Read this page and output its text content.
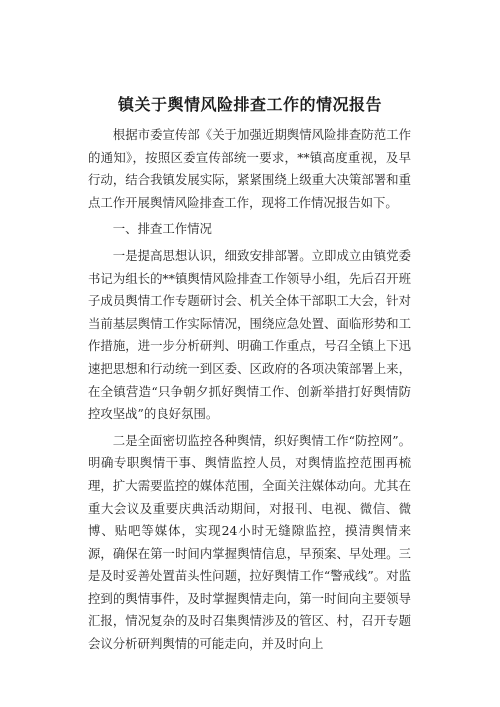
镇关于舆情风险排查工作的情况报告

根据市委宣传部《关于加强近期舆情风险排查防范工作的通知》，按照区委宣传部统一要求，**镇高度重视，及早行动，结合我镇发展实际，紧紧围绕上级重大决策部署和重点工作开展舆情风险排查工作，现将工作情况报告如下。

一、排查工作情况

一是提高思想认识，细致安排部署。立即成立由镇党委书记为组长的**镇舆情风险排查工作领导小组，先后召开班子成员舆情工作专题研讨会、机关全体干部职工大会，针对当前基层舆情工作实际情况，围绕应急处置、面临形势和工作措施，进一步分析研判、明确工作重点，号召全镇上下迅速把思想和行动统一到区委、区政府的各项决策部署上来，在全镇营造“只争朝夕抓好舆情工作、创新举措打好舆情防控攻坚战”的良好氛围。

二是全面密切监控各种舆情，织好舆情工作“防控网”。明确专职舆情干事、舆情监控人员，对舆情监控范围再梳理，扩大需要监控的媒体范围，全面关注媒体动向。尤其在重大会议及重要庆典活动期间，对报刊、电视、微信、微博、贴吧等媒体，实现24小时无缝隙监控，摸清舆情来源，确保在第一时间内掌握舆情信息，早预案、早处理。三是及时妥善处置苗头性问题，拉好舆情工作“警戒线”。对监控到的舆情事件，及时掌握舆情走向，第一时间向主要领导汇报，情况复杂的及时召集舆情涉及的管区、村，召开专题会议分析研判舆情的可能走向，并及时向上
